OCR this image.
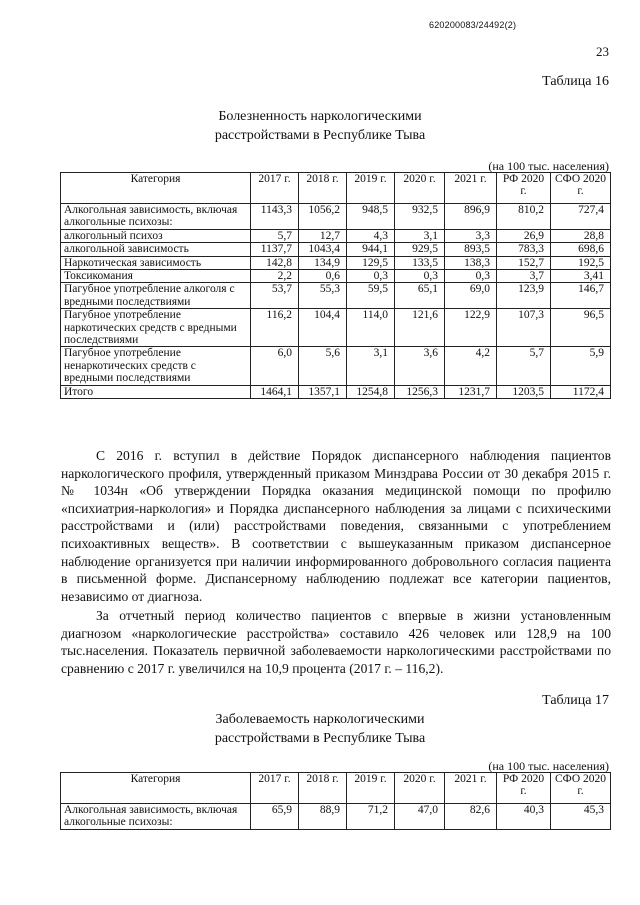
620200083/24492(2)
23
Таблица 16
Болезненность наркологическими
расстройствами в Республике Тыва
(на 100 тыс. населения)
Категория	2017 г.	2018 г.	2019 г.	2020 г.	2021 г.	РФ 2020 г.	СФО 2020 г.
Алкогольная зависимость, включая алкогольные психозы:	1143,3	1056,2	948,5	932,5	896,9	810,2	727,4
алкогольный психоз	5,7	12,7	4,3	3,1	3,3	26,9	28,8
алкогольной зависимость	1137,7	1043,4	944,1	929,5	893,5	783,3	698,6
Наркотическая зависимость	142,8	134,9	129,5	133,5	138,3	152,7	192,5
Токсикомания	2,2	0,6	0,3	0,3	0,3	3,7	3,41
Пагубное употребление алкоголя с вредными последствиями	53,7	55,3	59,5	65,1	69,0	123,9	146,7
Пагубное употребление наркотических средств с вредными последствиями	116,2	104,4	114,0	121,6	122,9	107,3	96,5
Пагубное употребление ненаркотических средств с вредными последствиями	6,0	5,6	3,1	3,6	4,2	5,7	5,9
Итого	1464,1	1357,1	1254,8	1256,3	1231,7	1203,5	1172,4

С 2016 г. вступил в действие Порядок диспансерного наблюдения пациентов наркологического профиля, утвержденный приказом Минздрава России от 30 декабря 2015 г. № 1034н «Об утверждении Порядка оказания медицинской помощи по профилю «психиатрия-наркология» и Порядка диспансерного наблюдения за лицами с психическими расстройствами и (или) расстройствами поведения, связанными с употреблением психоактивных веществ». В соответствии с вышеуказанным приказом диспансерное наблюдение организуется при наличии информированного добровольного согласия пациента в письменной форме. Диспансерному наблюдению подлежат все категории пациентов, независимо от диагноза.

За отчетный период количество пациентов с впервые в жизни установленным диагнозом «наркологические расстройства» составило 426 человек или 128,9 на 100 тыс.населения. Показатель первичной заболеваемости наркологическими расстройствами по сравнению с 2017 г. увеличился на 10,9 процента (2017 г. – 116,2).

Таблица 17
Заболеваемость наркологическими
расстройствами в Республике Тыва
(на 100 тыс. населения)
Категория	2017 г.	2018 г.	2019 г.	2020 г.	2021 г.	РФ 2020 г.	СФО 2020 г.
Алкогольная зависимость, включая алкогольные психозы:	65,9	88,9	71,2	47,0	82,6	40,3	45,3
